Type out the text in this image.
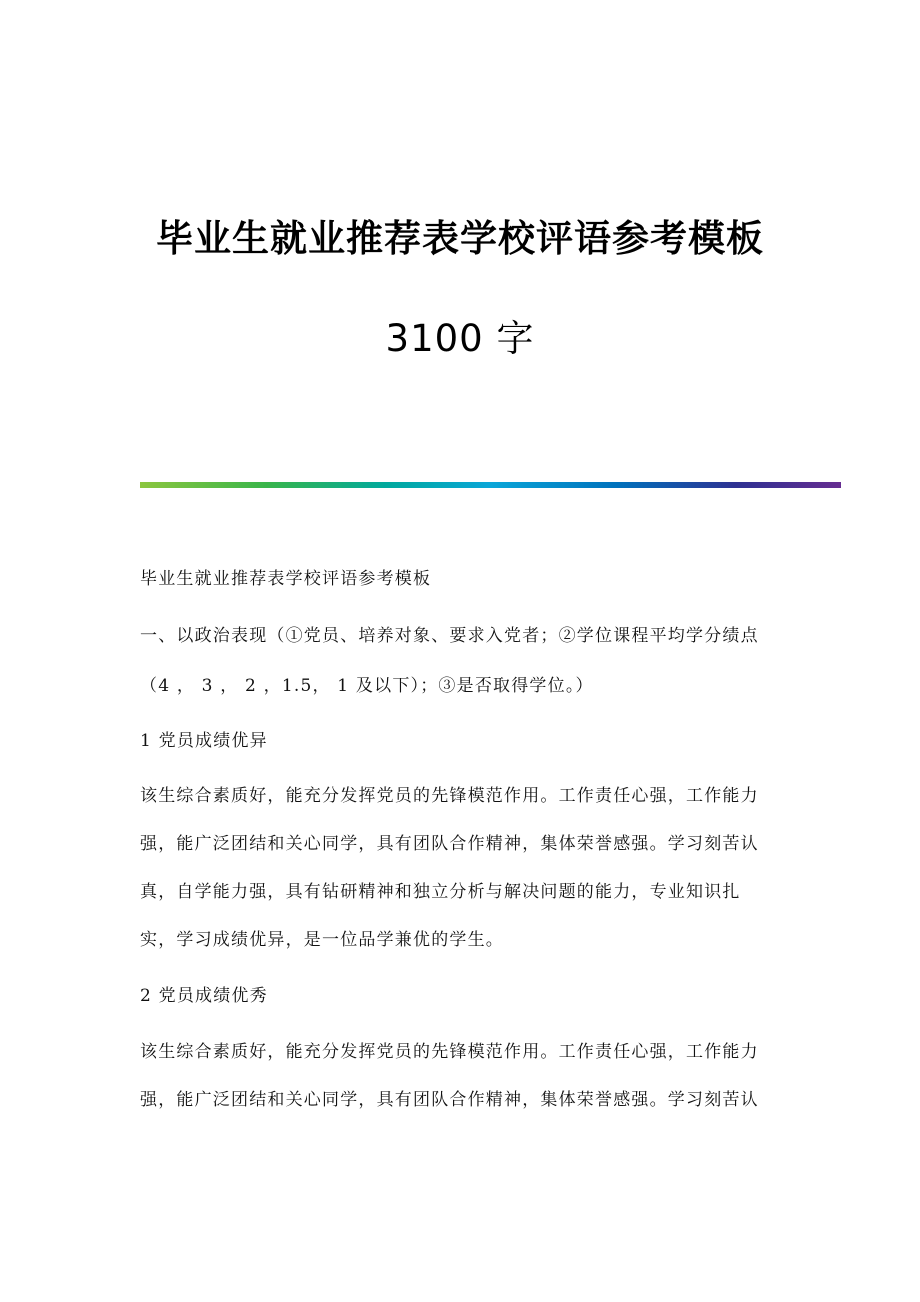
毕业生就业推荐表学校评语参考模板
3100 字
毕业生就业推荐表学校评语参考模板
一、以政治表现（①党员、培养对象、要求入党者；②学位课程平均学分绩点
（4 ， 3 ， 2 ，1.5， 1 及以下）；③是否取得学位。）
1 党员成绩优异
该生综合素质好，能充分发挥党员的先锋模范作用。工作责任心强，工作能力
强，能广泛团结和关心同学，具有团队合作精神，集体荣誉感强。学习刻苦认
真，自学能力强，具有钻研精神和独立分析与解决问题的能力，专业知识扎
实，学习成绩优异，是一位品学兼优的学生。
2 党员成绩优秀
该生综合素质好，能充分发挥党员的先锋模范作用。工作责任心强，工作能力
强，能广泛团结和关心同学，具有团队合作精神，集体荣誉感强。学习刻苦认
